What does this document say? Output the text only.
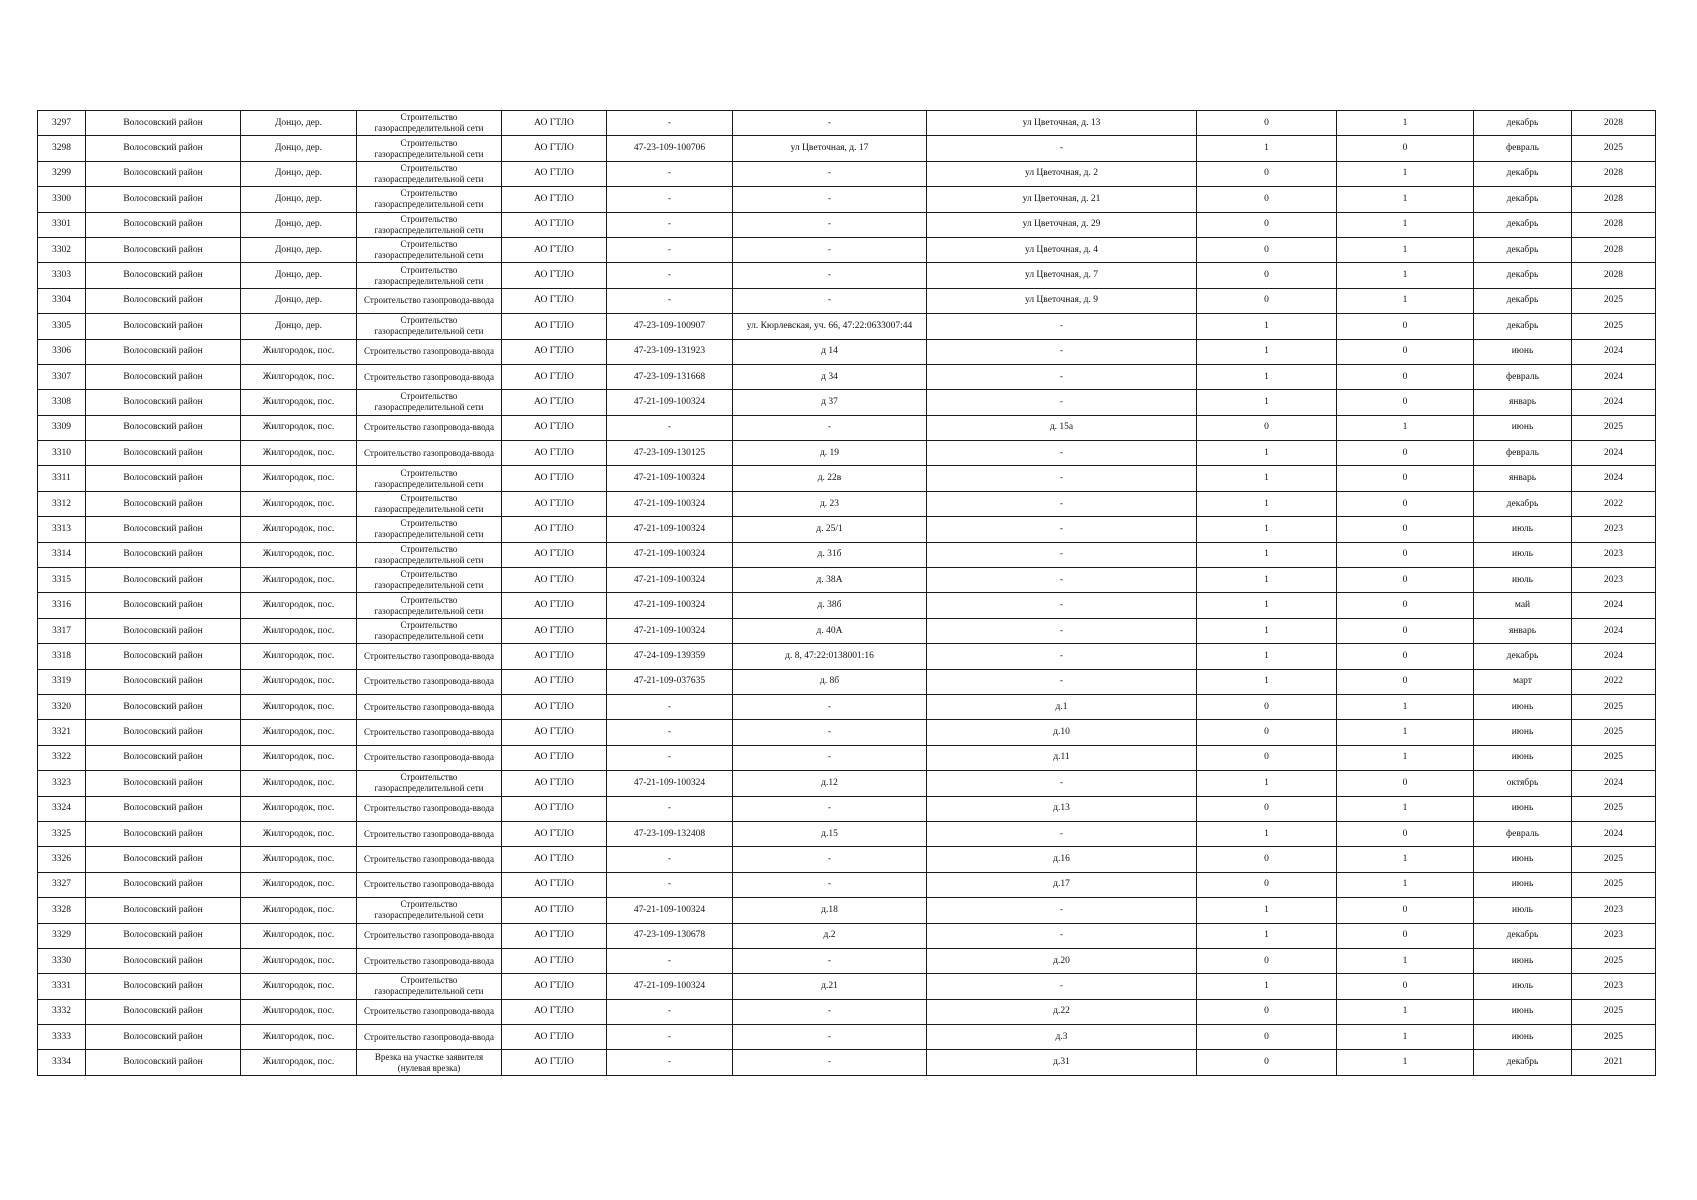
3297	Волосовский район	Донцо, дер.	Строительство газораспределительной сети	АО ГТЛО	-	-	ул Цветочная, д. 13	0	1	декабрь	2028
3298	Волосовский район	Донцо, дер.	Строительство газораспределительной сети	АО ГТЛО	47-23-109-100706	ул Цветочная, д. 17	-	1	0	февраль	2025
3299	Волосовский район	Донцо, дер.	Строительство газораспределительной сети	АО ГТЛО	-	-	ул Цветочная, д. 2	0	1	декабрь	2028
3300	Волосовский район	Донцо, дер.	Строительство газораспределительной сети	АО ГТЛО	-	-	ул Цветочная, д. 21	0	1	декабрь	2028
3301	Волосовский район	Донцо, дер.	Строительство газораспределительной сети	АО ГТЛО	-	-	ул Цветочная, д. 29	0	1	декабрь	2028
3302	Волосовский район	Донцо, дер.	Строительство газораспределительной сети	АО ГТЛО	-	-	ул Цветочная, д. 4	0	1	декабрь	2028
3303	Волосовский район	Донцо, дер.	Строительство газораспределительной сети	АО ГТЛО	-	-	ул Цветочная, д. 7	0	1	декабрь	2028
3304	Волосовский район	Донцо, дер.	Строительство газопровода-ввода	АО ГТЛО	-	-	ул Цветочная, д. 9	0	1	декабрь	2025
3305	Волосовский район	Донцо, дер.	Строительство газораспределительной сети	АО ГТЛО	47-23-109-100907	ул. Кюрлевская, уч. 66, 47:22:0633007:44	-	1	0	декабрь	2025
3306	Волосовский район	Жилгородок, пос.	Строительство газопровода-ввода	АО ГТЛО	47-23-109-131923	д 14	-	1	0	июнь	2024
3307	Волосовский район	Жилгородок, пос.	Строительство газопровода-ввода	АО ГТЛО	47-23-109-131668	д 34	-	1	0	февраль	2024
3308	Волосовский район	Жилгородок, пос.	Строительство газораспределительной сети	АО ГТЛО	47-21-109-100324	д 37	-	1	0	январь	2024
3309	Волосовский район	Жилгородок, пос.	Строительство газопровода-ввода	АО ГТЛО	-	-	д. 15а	0	1	июнь	2025
3310	Волосовский район	Жилгородок, пос.	Строительство газопровода-ввода	АО ГТЛО	47-23-109-130125	д. 19	-	1	0	февраль	2024
3311	Волосовский район	Жилгородок, пос.	Строительство газораспределительной сети	АО ГТЛО	47-21-109-100324	д. 22в	-	1	0	январь	2024
3312	Волосовский район	Жилгородок, пос.	Строительство газораспределительной сети	АО ГТЛО	47-21-109-100324	д. 23	-	1	0	декабрь	2022
3313	Волосовский район	Жилгородок, пос.	Строительство газораспределительной сети	АО ГТЛО	47-21-109-100324	д. 25/1	-	1	0	июль	2023
3314	Волосовский район	Жилгородок, пос.	Строительство газораспределительной сети	АО ГТЛО	47-21-109-100324	д. 31б	-	1	0	июль	2023
3315	Волосовский район	Жилгородок, пос.	Строительство газораспределительной сети	АО ГТЛО	47-21-109-100324	д. 38А	-	1	0	июль	2023
3316	Волосовский район	Жилгородок, пос.	Строительство газораспределительной сети	АО ГТЛО	47-21-109-100324	д. 38б	-	1	0	май	2024
3317	Волосовский район	Жилгородок, пос.	Строительство газораспределительной сети	АО ГТЛО	47-21-109-100324	д. 40А	-	1	0	январь	2024
3318	Волосовский район	Жилгородок, пос.	Строительство газопровода-ввода	АО ГТЛО	47-24-109-139359	д. 8, 47:22:0138001:16	-	1	0	декабрь	2024
3319	Волосовский район	Жилгородок, пос.	Строительство газопровода-ввода	АО ГТЛО	47-21-109-037635	д. 8б	-	1	0	март	2022
3320	Волосовский район	Жилгородок, пос.	Строительство газопровода-ввода	АО ГТЛО	-	-	д.1	0	1	июнь	2025
3321	Волосовский район	Жилгородок, пос.	Строительство газопровода-ввода	АО ГТЛО	-	-	д.10	0	1	июнь	2025
3322	Волосовский район	Жилгородок, пос.	Строительство газопровода-ввода	АО ГТЛО	-	-	д.11	0	1	июнь	2025
3323	Волосовский район	Жилгородок, пос.	Строительство газораспределительной сети	АО ГТЛО	47-21-109-100324	д.12	-	1	0	октябрь	2024
3324	Волосовский район	Жилгородок, пос.	Строительство газопровода-ввода	АО ГТЛО	-	-	д.13	0	1	июнь	2025
3325	Волосовский район	Жилгородок, пос.	Строительство газопровода-ввода	АО ГТЛО	47-23-109-132408	д.15	-	1	0	февраль	2024
3326	Волосовский район	Жилгородок, пос.	Строительство газопровода-ввода	АО ГТЛО	-	-	д.16	0	1	июнь	2025
3327	Волосовский район	Жилгородок, пос.	Строительство газопровода-ввода	АО ГТЛО	-	-	д.17	0	1	июнь	2025
3328	Волосовский район	Жилгородок, пос.	Строительство газораспределительной сети	АО ГТЛО	47-21-109-100324	д.18	-	1	0	июль	2023
3329	Волосовский район	Жилгородок, пос.	Строительство газопровода-ввода	АО ГТЛО	47-23-109-130678	д.2	-	1	0	декабрь	2023
3330	Волосовский район	Жилгородок, пос.	Строительство газопровода-ввода	АО ГТЛО	-	-	д.20	0	1	июнь	2025
3331	Волосовский район	Жилгородок, пос.	Строительство газораспределительной сети	АО ГТЛО	47-21-109-100324	д.21	-	1	0	июль	2023
3332	Волосовский район	Жилгородок, пос.	Строительство газопровода-ввода	АО ГТЛО	-	-	д.22	0	1	июнь	2025
3333	Волосовский район	Жилгородок, пос.	Строительство газопровода-ввода	АО ГТЛО	-	-	д.3	0	1	июнь	2025
3334	Волосовский район	Жилгородок, пос.	Врезка на участке заявителя (нулевая врезка)	АО ГТЛО	-	-	д.31	0	1	декабрь	2021
